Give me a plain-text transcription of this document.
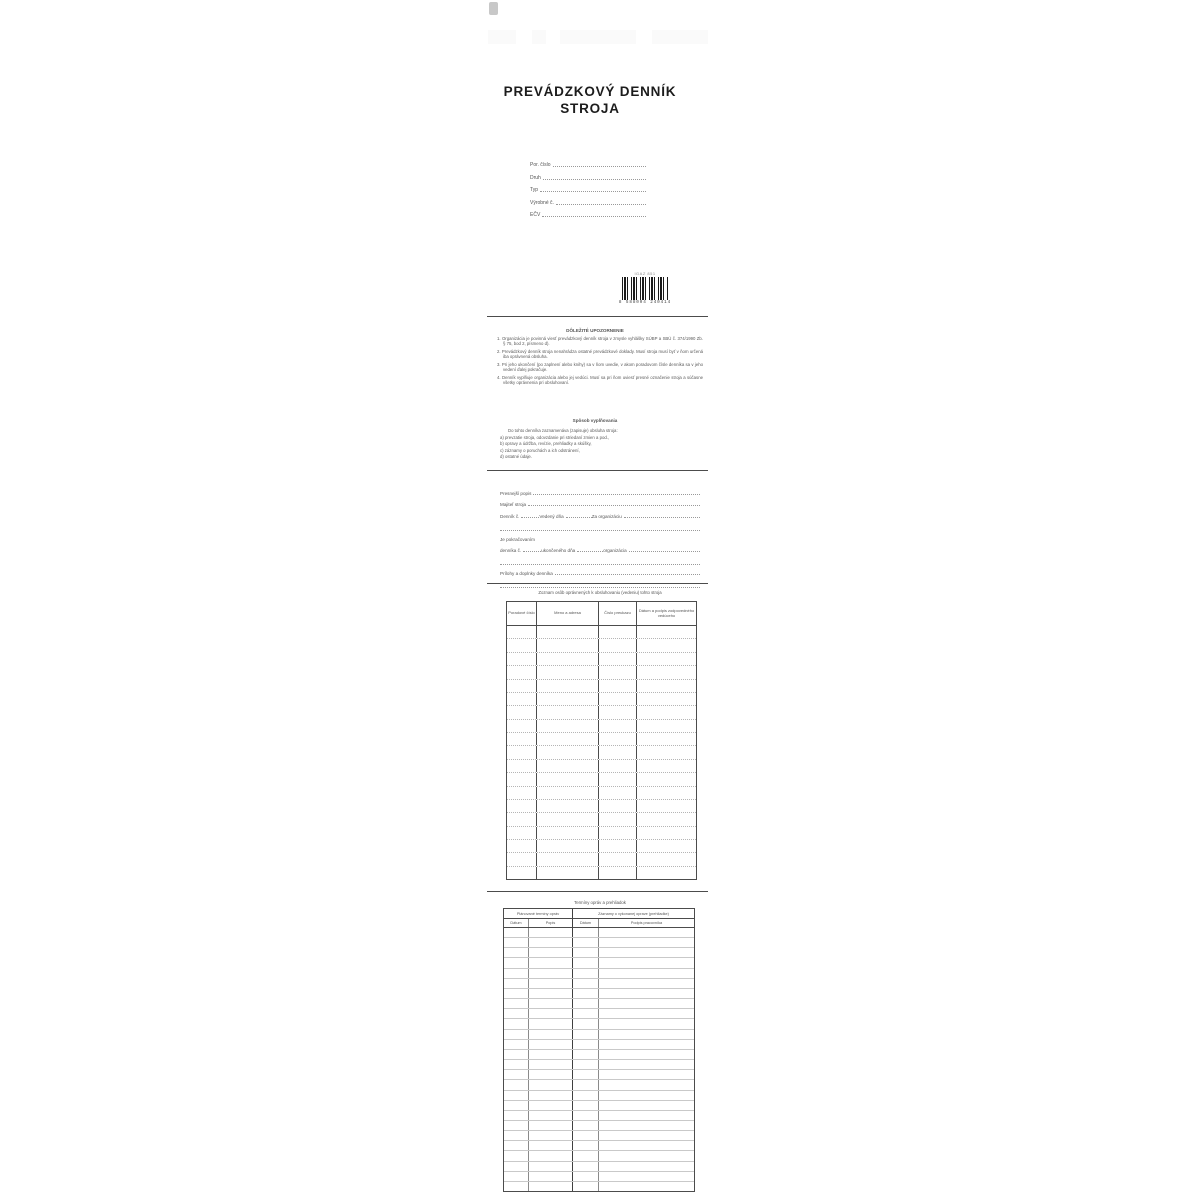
PREVÁDZKOVÝ DENNÍK
STROJA
Por. číslo
Druh
Typ
Výrobné č.
EČV
IGAZ 851
8 588004 240414
DÔLEŽITÉ UPOZORNENIE
1. Organizácia je povinná viesť prevádzkový denník stroja v zmysle vyhlášky SÚBP a SBÚ č. 374/1990 Zb. § 75, bod 2, písmeno d).
2. Prevádzkový denník stroja nenahrádza ostatné prevádzkové doklady. Musí stroja musí byť v ňom určená iba oprávnená obsluha.
3. Pri jeho ukončení (po zaplnení alebo knihy) sa v ňom uvedie, v akom poradovom čísle denníka sa v jeho vedení ďalej pokračuje.
4. Denník vyplňuje organizácia alebo jej vedúci. Musí sa pri ňom uviesť presné označenie stroja a súčasne všetky oprávnenia pri obsluhovaní.
Spôsob vyplňovania
Do tohto denníka zaznamenáva (zapisuje) obsluha stroja:
a) prevzatie stroja, odovzdanie pri striedaní zmien a pod.,
b) opravy a údržba, revízie, prehliadky a skúšky,
c) záznamy o poruchách a ich odstránení,
d) ostatné údaje.
Presnejší popis
Majiteľ stroja
Denník č.	Vedený dňa	Za organizáciu
Je pokračovaním
denníka č.	ukončeného dňa	organizácia
Prílohy a doplnky denníka
Zoznam osôb oprávnených k obsluhovaniu (vedeniu) tohto stroja
Poradové číslo	Meno a adresa	Číslo preukazu	Dátum a podpis zodpovedného vedúceho
Termíny opráv a prehliadok
Plánované termíny opráv	Záznamy o vykonanej oprave (prehliadke)
Dátum	Popis	Dátum	Podpis pracovníka
